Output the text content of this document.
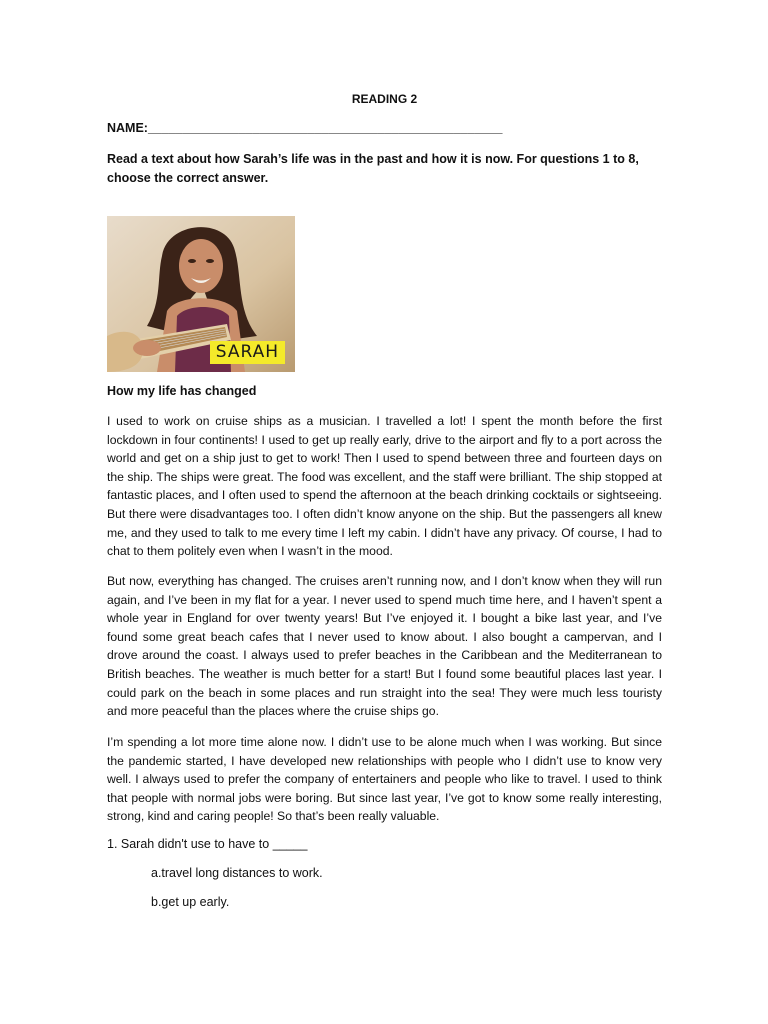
READING 2
NAME:___________________________________________________
Read a text about how Sarah’s life was in the past and how it is now. For questions 1 to 8, choose the correct answer.
SARAH
How my life has changed

I used to work on cruise ships as a musician. I travelled a lot! I spent the month before the first lockdown in four continents! I used to get up really early, drive to the airport and fly to a port across the world and get on a ship just to get to work! Then I used to spend between three and fourteen days on the ship. The ships were great. The food was excellent, and the staff were brilliant. The ship stopped at fantastic places, and I often used to spend the afternoon at the beach drinking cocktails or sightseeing. But there were disadvantages too. I often didn’t know anyone on the ship. But the passengers all knew me, and they used to talk to me every time I left my cabin. I didn’t have any privacy. Of course, I had to chat to them politely even when I wasn’t in the mood.

But now, everything has changed. The cruises aren’t running now, and I don’t know when they will run again, and I’ve been in my flat for a year. I never used to spend much time here, and I haven’t spent a whole year in England for over twenty years! But I’ve enjoyed it. I bought a bike last year, and I’ve found some great beach cafes that I never used to know about. I also bought a campervan, and I drove around the coast. I always used to prefer beaches in the Caribbean and the Mediterranean to British beaches. The weather is much better for a start! But I found some beautiful places last year. I could park on the beach in some places and run straight into the sea! They were much less touristy and more peaceful than the places where the cruise ships go.

I’m spending a lot more time alone now. I didn’t use to be alone much when I was working. But since the pandemic started, I have developed new relationships with people who I didn’t use to know very well. I always used to prefer the company of entertainers and people who like to travel. I used to think that people with normal jobs were boring. But since last year, I’ve got to know some really interesting, strong, kind and caring people! So that’s been really valuable.

1. Sarah didn't use to have to _____
a.travel long distances to work.
b.get up early.
